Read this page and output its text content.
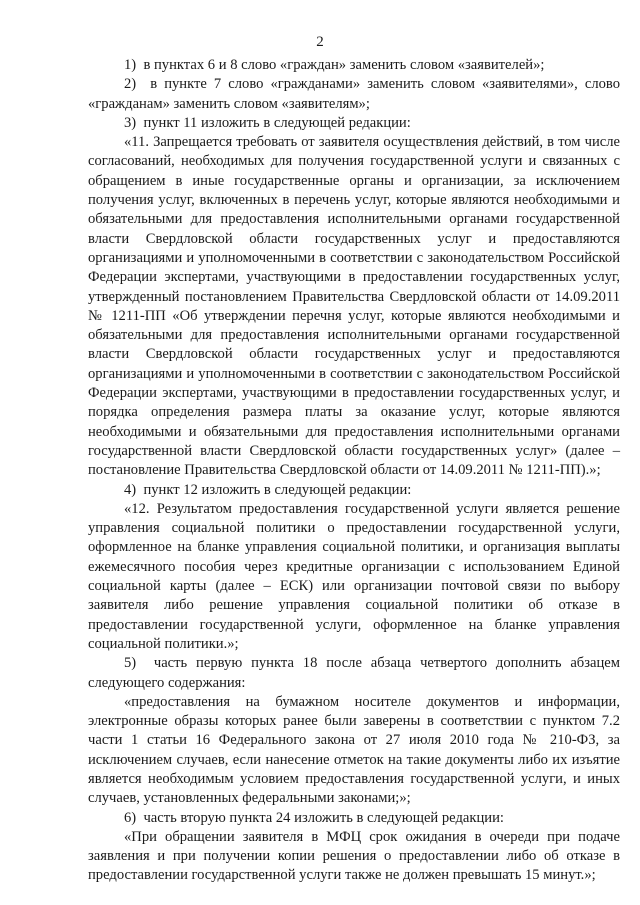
2

1)  в пунктах 6 и 8 слово «граждан» заменить словом «заявителей»;

2)  в пункте 7 слово «гражданами» заменить словом «заявителями», слово «гражданам» заменить словом «заявителям»;

3)  пункт 11 изложить в следующей редакции:

«11. Запрещается требовать от заявителя осуществления действий, в том числе согласований, необходимых для получения государственной услуги и связанных с обращением в иные государственные органы и организации, за исключением получения услуг, включенных в перечень услуг, которые являются необходимыми и обязательными для предоставления исполнительными органами государственной власти Свердловской области государственных услуг и предоставляются организациями и уполномоченными в соответствии с законодательством Российской Федерации экспертами, участвующими в предоставлении государственных услуг, утвержденный постановлением Правительства Свердловской области от 14.09.2011 № 1211-ПП «Об утверждении перечня услуг, которые являются необходимыми и обязательными для предоставления исполнительными органами государственной власти Свердловской области государственных услуг и предоставляются организациями и уполномоченными в соответствии с законодательством Российской Федерации экспертами, участвующими в предоставлении государственных услуг, и порядка определения размера платы за оказание услуг, которые являются необходимыми и обязательными для предоставления исполнительными органами государственной власти Свердловской области государственных услуг» (далее – постановление Правительства Свердловской области от 14.09.2011 № 1211-ПП).»;

4)  пункт 12 изложить в следующей редакции:

«12. Результатом предоставления государственной услуги является решение управления социальной политики о предоставлении государственной услуги, оформленное на бланке управления социальной политики, и организация выплаты ежемесячного пособия через кредитные организации с использованием Единой социальной карты (далее – ЕСК) или организации почтовой связи по выбору заявителя либо решение управления социальной политики об отказе в предоставлении государственной услуги, оформленное на бланке управления социальной политики.»;

5)  часть первую пункта 18 после абзаца четвертого дополнить абзацем следующего содержания:

«предоставления на бумажном носителе документов и информации, электронные образы которых ранее были заверены в соответствии с пунктом 7.2 части 1 статьи 16 Федерального закона от 27 июля 2010 года № 210-ФЗ, за исключением случаев, если нанесение отметок на такие документы либо их изъятие является необходимым условием предоставления государственной услуги, и иных случаев, установленных федеральными законами;»;

6)  часть вторую пункта 24 изложить в следующей редакции:

«При обращении заявителя в МФЦ срок ожидания в очереди при подаче заявления и при получении копии решения о предоставлении либо об отказе в предоставлении государственной услуги также не должен превышать 15 минут.»;
